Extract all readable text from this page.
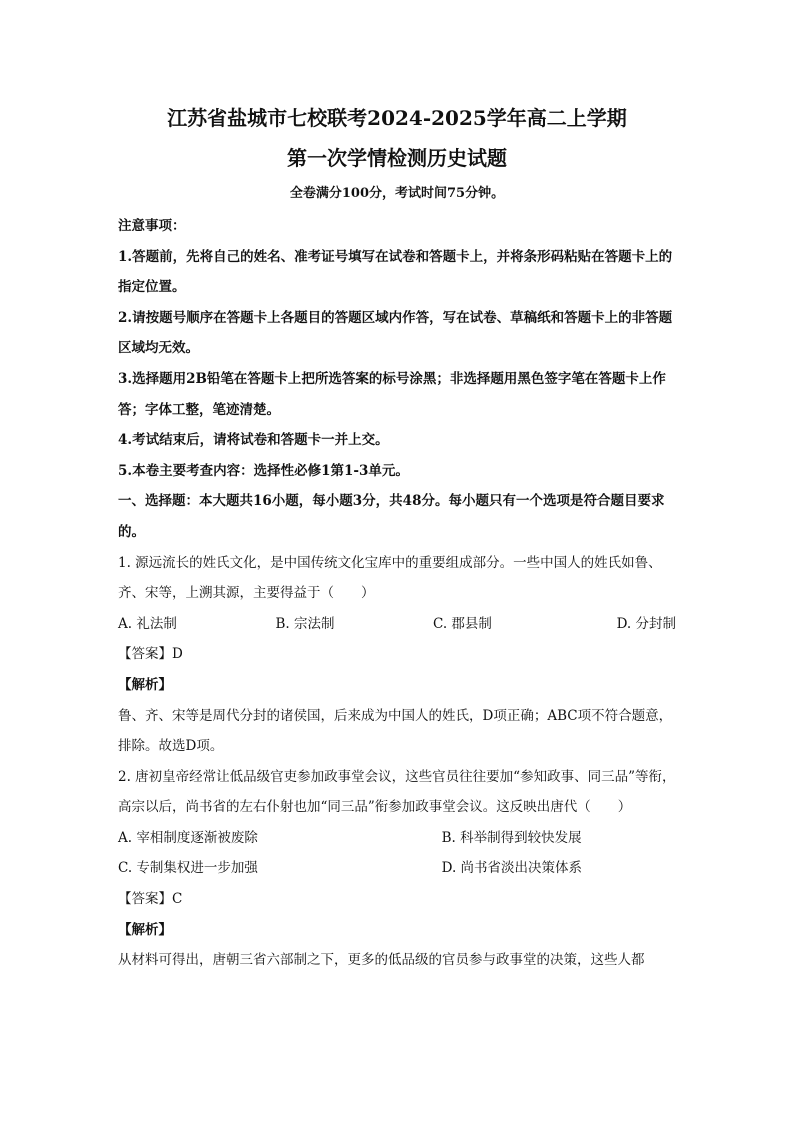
江苏省盐城市七校联考2024-2025学年高二上学期
第一次学情检测历史试题
全卷满分100分，考试时间75分钟。

注意事项：

1.答题前，先将自己的姓名、准考证号填写在试卷和答题卡上，并将条形码粘贴在答题卡上的指定位置。

2.请按题号顺序在答题卡上各题目的答题区域内作答，写在试卷、草稿纸和答题卡上的非答题区域均无效。

3.选择题用2B铅笔在答题卡上把所选答案的标号涂黑；非选择题用黑色签字笔在答题卡上作答；字体工整，笔迹清楚。

4.考试结束后，请将试卷和答题卡一并上交。

5.本卷主要考查内容：选择性必修1第1-3单元。

一、选择题：本大题共16小题，每小题3分，共48分。每小题只有一个选项是符合题目要求的。

1. 源远流长的姓氏文化，是中国传统文化宝库中的重要组成部分。一些中国人的姓氏如鲁、齐、宋等，上溯其源，主要得益于（　　）

A. 礼法制	B. 宗法制	C. 郡县制	D. 分封制

【答案】D

【解析】

鲁、齐、宋等是周代分封的诸侯国，后来成为中国人的姓氏，D项正确；ABC项不符合题意，排除。故选D项。

2. 唐初皇帝经常让低品级官吏参加政事堂会议，这些官员往往要加“参知政事、同三品”等衔，高宗以后，尚书省的左右仆射也加“同三品”衔参加政事堂会议。这反映出唐代（　　）

A. 宰相制度逐渐被废除	B. 科举制得到较快发展
C. 专制集权进一步加强	D. 尚书省淡出决策体系

【答案】C

【解析】

从材料可得出，唐朝三省六部制之下，更多的低品级的官员参与政事堂的决策，这些人都
